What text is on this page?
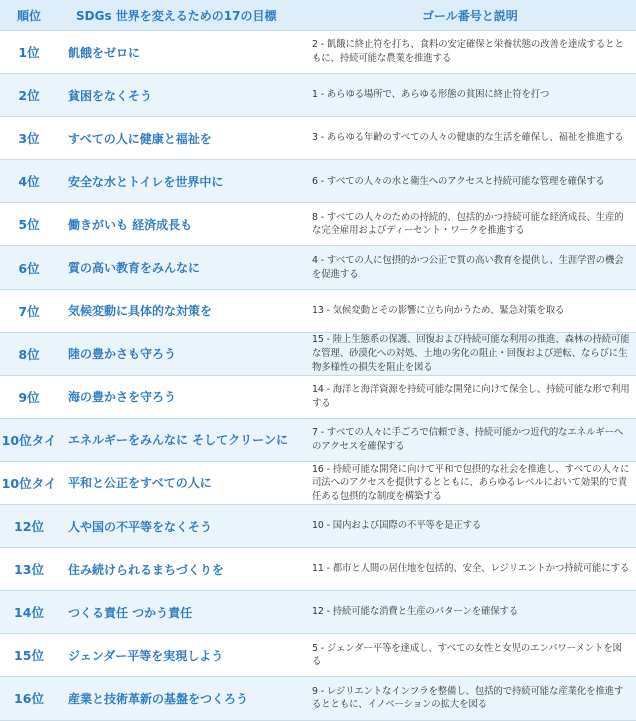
順位	SDGs 世界を変えるための17の目標	ゴール番号と説明
1位	飢餓をゼロに	2 - 飢餓に終止符を打ち、食料の安定確保と栄養状態の改善を達成するとともに、持続可能な農業を推進する
2位	貧困をなくそう	1 - あらゆる場所で、あらゆる形態の貧困に終止符を打つ
3位	すべての人に健康と福祉を	3 - あらゆる年齢のすべての人々の健康的な生活を確保し、福祉を推進する
4位	安全な水とトイレを世界中に	6 - すべての人々の水と衛生へのアクセスと持続可能な管理を確保する
5位	働きがいも 経済成長も	8 - すべての人々のための持続的、包括的かつ持続可能な経済成長、生産的な完全雇用およびディーセント・ワークを推進する
6位	質の高い教育をみんなに	4 - すべての人に包摂的かつ公正で質の高い教育を提供し、生涯学習の機会を促進する
7位	気候変動に具体的な対策を	13 - 気候変動とその影響に立ち向かうため、緊急対策を取る
8位	陸の豊かさも守ろう	15 - 陸上生態系の保護、回復および持続可能な利用の推進、森林の持続可能な管理、砂漠化への対処、土地の劣化の阻止・回復および逆転、ならびに生物多様性の損失を阻止を図る
9位	海の豊かさを守ろう	14 - 海洋と海洋資源を持続可能な開発に向けて保全し、持続可能な形で利用する
10位タイ	エネルギーをみんなに そしてクリーンに	7 - すべての人々に手ごろで信頼でき、持続可能かつ近代的なエネルギーへのアクセスを確保する
10位タイ	平和と公正をすべての人に	16 - 持続可能な開発に向けて平和で包摂的な社会を推進し、すべての人々に司法へのアクセスを提供するとともに、あらゆるレベルにおいて効果的で責任ある包摂的な制度を構築する
12位	人や国の不平等をなくそう	10 - 国内および国際の不平等を是正する
13位	住み続けられるまちづくりを	11 - 都市と人間の居住地を包括的、安全、レジリエントかつ持続可能にする
14位	つくる責任 つかう責任	12 - 持続可能な消費と生産のパターンを確保する
15位	ジェンダー平等を実現しよう	5 - ジェンダー平等を達成し、すべての女性と女児のエンパワーメントを図る
16位	産業と技術革新の基盤をつくろう	9 - レジリエントなインフラを整備し、包括的で持続可能な産業化を推進するとともに、イノベーションの拡大を図る
